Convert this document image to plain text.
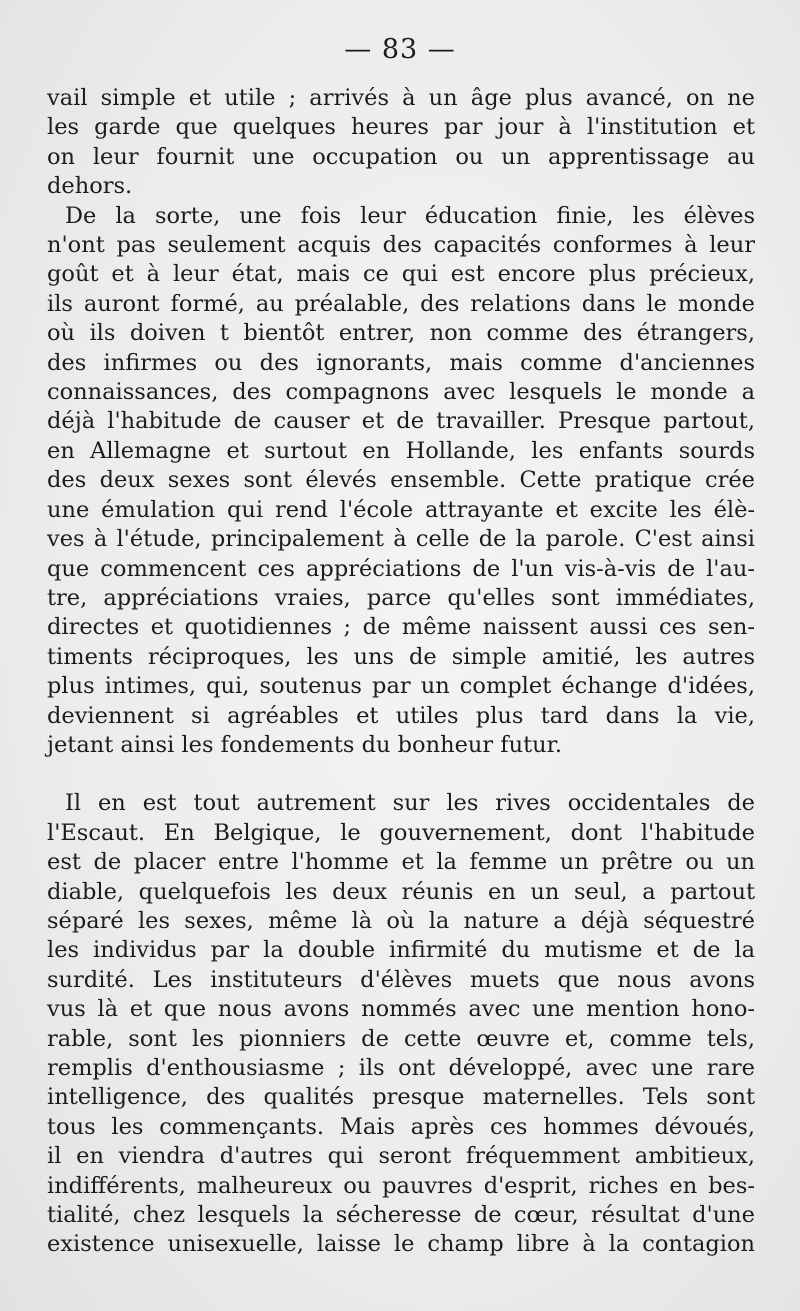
— 83 —
vail simple et utile ; arrivés à un âge plus avancé, on ne
les garde que quelques heures par jour à l'institution et
on leur fournit une occupation ou un apprentissage au
dehors.
De la sorte, une fois leur éducation finie, les élèves
n'ont pas seulement acquis des capacités conformes à leur
goût et à leur état, mais ce qui est encore plus précieux,
ils auront formé, au préalable, des relations dans le monde
où ils doiven t bientôt entrer, non comme des étrangers,
des infirmes ou des ignorants, mais comme d'anciennes
connaissances, des compagnons avec lesquels le monde a
déjà l'habitude de causer et de travailler. Presque partout,
en Allemagne et surtout en Hollande, les enfants sourds
des deux sexes sont élevés ensemble. Cette pratique crée
une émulation qui rend l'école attrayante et excite les élè-
ves à l'étude, principalement à celle de la parole. C'est ainsi
que commencent ces appréciations de l'un vis-à-vis de l'au-
tre, appréciations vraies, parce qu'elles sont immédiates,
directes et quotidiennes ; de même naissent aussi ces sen-
timents réciproques, les uns de simple amitié, les autres
plus intimes, qui, soutenus par un complet échange d'idées,
deviennent si agréables et utiles plus tard dans la vie,
jetant ainsi les fondements du bonheur futur.
Il en est tout autrement sur les rives occidentales de
l'Escaut. En Belgique, le gouvernement, dont l'habitude
est de placer entre l'homme et la femme un prêtre ou un
diable, quelquefois les deux réunis en un seul, a partout
séparé les sexes, même là où la nature a déjà séquestré
les individus par la double infirmité du mutisme et de la
surdité. Les instituteurs d'élèves muets que nous avons
vus là et que nous avons nommés avec une mention hono-
rable, sont les pionniers de cette œuvre et, comme tels,
remplis d'enthousiasme ; ils ont développé, avec une rare
intelligence, des qualités presque maternelles. Tels sont
tous les commençants. Mais après ces hommes dévoués,
il en viendra d'autres qui seront fréquemment ambitieux,
indifférents, malheureux ou pauvres d'esprit, riches en bes-
tialité, chez lesquels la sécheresse de cœur, résultat d'une
existence unisexuelle, laisse le champ libre à la contagion
